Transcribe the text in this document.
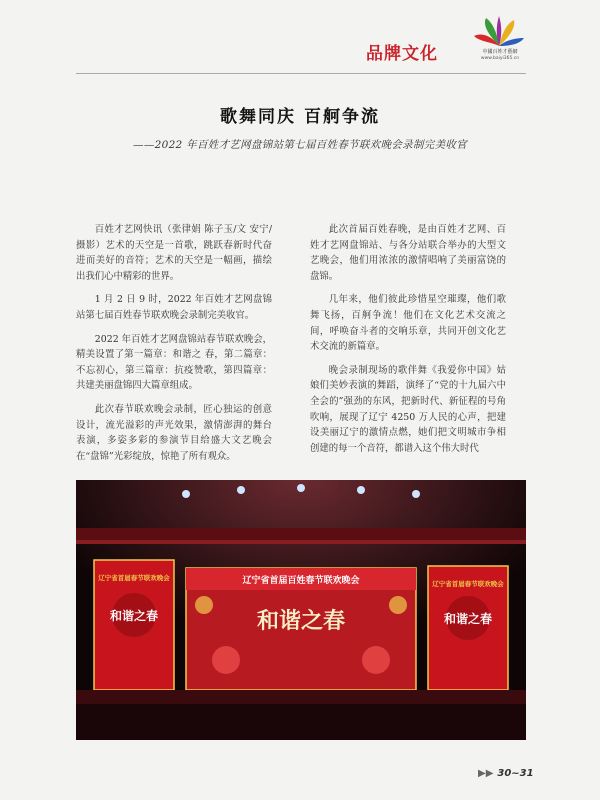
品牌文化	中國百姓才藝網
www.baiyi365.cn
歌舞同庆 百舸争流
——2022 年百姓才艺网盘锦站第七届百姓春节联欢晚会录制完美收官

百姓才艺网快讯（张律娟 陈子玉/文 安宁/摄影）艺术的天空是一首歌，跳跃春新时代奋进而美好的音符；艺术的天空是一幅画，描绘出我们心中精彩的世界。

1 月 2 日 9 时，2022 年百姓才艺网盘锦站第七届百姓春节联欢晚会录制完美收官。

2022 年百姓才艺网盘锦站春节联欢晚会，精美设置了第一篇章：和谐之 春，第二篇章：不忘初心，第三篇章：抗疫赞歌，第四篇章：共建美丽盘锦四大篇章组成。

此次春节联欢晚会录制，匠心独运的创意设计，流光溢彩的声光效果，激情澎湃的舞台表演，多姿多彩的参演节目给盛大文艺晚会在“盘锦”光彩绽放，惊艳了所有观众。

此次首届百姓春晚，是由百姓才艺网、百姓才艺网盘锦站、与各分站联合举办的大型文艺晚会，他们用浓浓的激情唱响了美丽富饶的盘锦。

几年来，他们彼此珍惜星空璀璨，他们歌舞飞扬，百舸争流！他们在文化艺术交流之间，呼唤奋斗者的交响乐章，共同开创文化艺术交流的新篇章。

晚会录制现场的歌伴舞《我爱你中国》姑娘们美妙表演的舞蹈，演绎了“党的十九届六中全会的”强劲的东风，把新时代、新征程的号角吹响，展现了辽宁 4250 万人民的心声，把建设美丽辽宁的激情点燃，她们把文明城市争相创建的每一个音符，都谱入这个伟大时代

辽宁省首届百姓春节联欢晚会
和谐之春
辽宁省首届春节联欢晚会
和谐之春
辽宁省首届春节联欢晚会
和谐之春
▶▶ 30~31
